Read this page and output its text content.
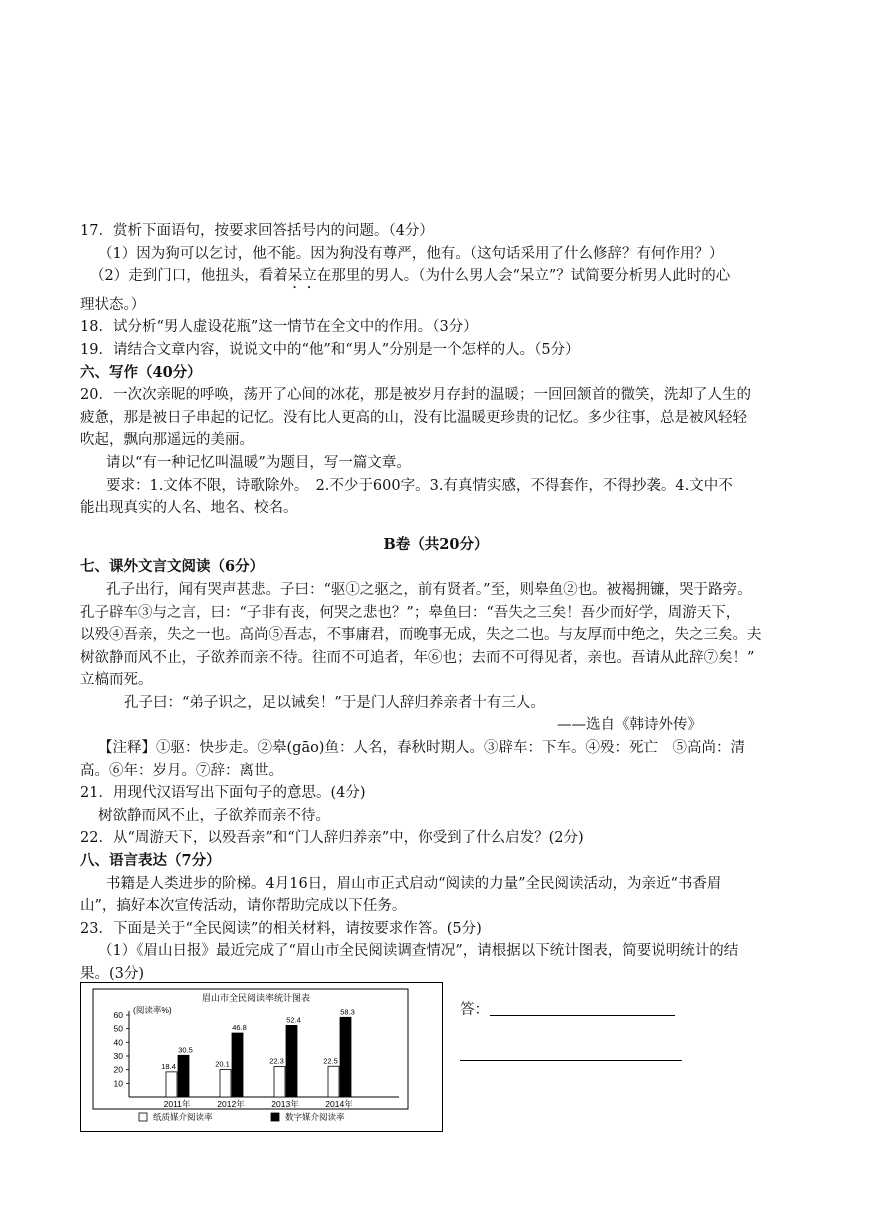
17．赏析下面语句，按要求回答括号内的问题。（4分）
（1）因为狗可以乞讨，他不能。因为狗没有尊严，他有。（这句话采用了什么修辞？有何作用？）
（2）走到门口，他扭头，看着呆立在那里的男人。（为什么男人会“呆立”？试简要分析男人此时的心
理状态。）
18．试分析“男人虚设花瓶”这一情节在全文中的作用。（3分）
19．请结合文章内容，说说文中的“他”和“男人”分别是一个怎样的人。（5分）
六、写作（40分）
20．一次次亲昵的呼唤，荡开了心间的冰花，那是被岁月存封的温暖；一回回颔首的微笑，洗却了人生的
疲惫，那是被日子串起的记忆。没有比人更高的山，没有比温暖更珍贵的记忆。多少往事，总是被风轻轻
吹起，飘向那遥远的美丽。
请以“有一种记忆叫温暖”为题目，写一篇文章。
要求：1.文体不限，诗歌除外。　2.不少于600字。3.有真情实感，不得套作，不得抄袭。4.文中不
能出现真实的人名、地名、校名。
B卷（共20分）
七、课外文言文阅读（6分）
孔子出行，闻有哭声甚悲。子曰：“驱①之驱之，前有贤者。”至，则皋鱼②也。被褐拥镰，哭于路旁。
孔子辟车③与之言，曰：“子非有丧，何哭之悲也？”；皋鱼曰：“吾失之三矣！吾少而好学，周游天下，
以殁④吾亲，失之一也。高尚⑤吾志，不事庸君，而晚事无成，失之二也。与友厚而中绝之，失之三矣。夫
树欲静而风不止，子欲养而亲不待。往而不可追者，年⑥也；去而不可得见者，亲也。吾请从此辞⑦矣！”
立槁而死。
孔子曰：“弟子识之，足以诫矣！”于是门人辞归养亲者十有三人。
——选自《韩诗外传》
【注释】①驱：快步走。②皋(gāo)鱼：人名，春秋时期人。③辟车：下车。④殁：死亡　⑤高尚：清
高。⑥年：岁月。⑦辞：离世。
21．用现代汉语写出下面句子的意思。(4分)
树欲静而风不止，子欲养而亲不待。
22．从“周游天下，以殁吾亲”和“门人辞归养亲”中，你受到了什么启发？(2分)
八、语言表达（7分）
书籍是人类进步的阶梯。4月16日，眉山市正式启动“阅读的力量”全民阅读活动，为亲近“书香眉
山”，搞好本次宣传活动，请你帮助完成以下任务。
23．下面是关于“全民阅读”的相关材料，请按要求作答。(5分)
（1）《眉山日报》最近完成了“眉山市全民阅读调查情况”，请根据以下统计图表，简要说明统计的结
果。(3分)
眉山市全民阅读率统计图表
(阅读率%)
10
20
30
40
50
60
18.4
30.5
2011年
20.1
46.8
2012年
22.3
52.4
2013年
22.5
58.3
2014年
纸质媒介阅读率	数字媒介阅读率
答：
